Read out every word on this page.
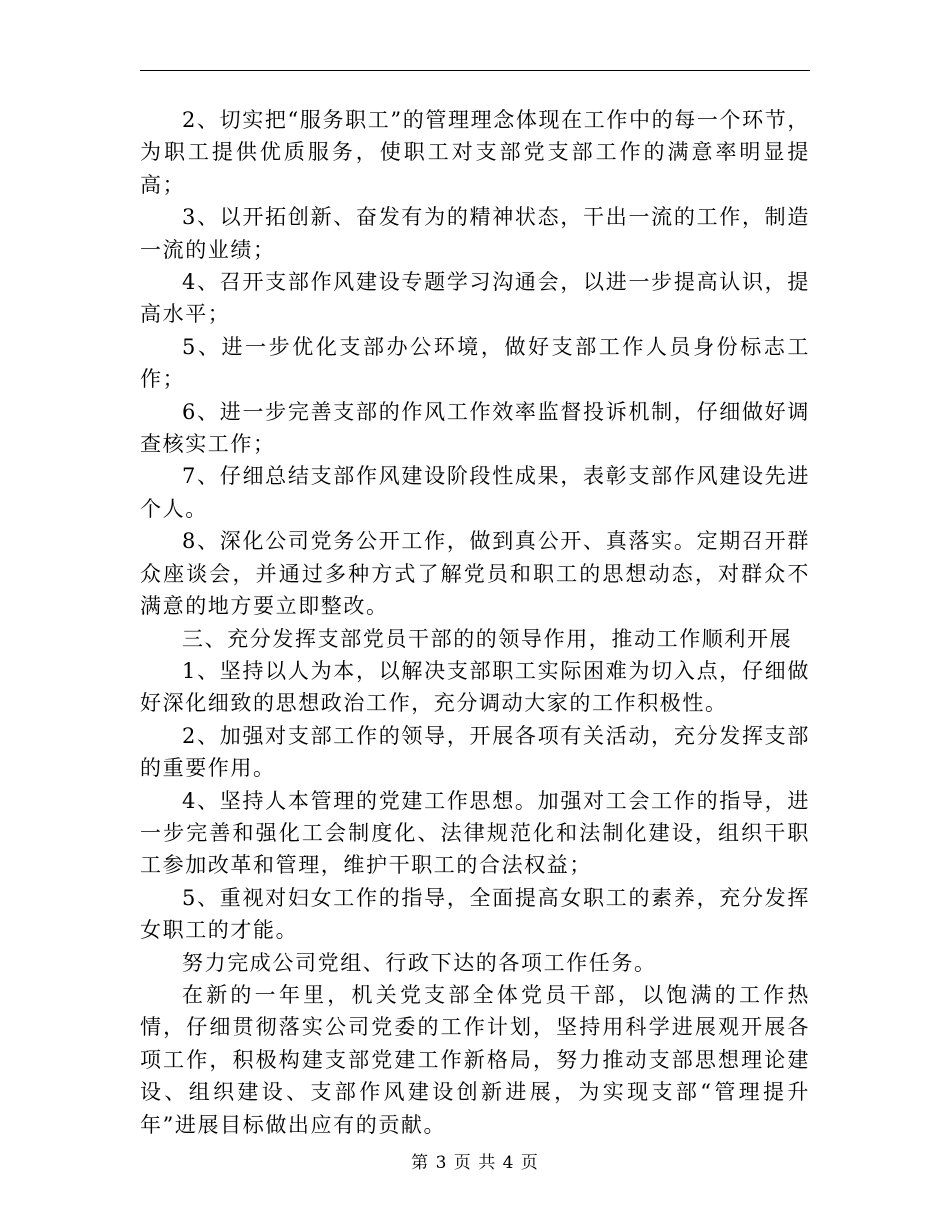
2、切实把“服务职工”的管理理念体现在工作中的每一个环节，为职工提供优质服务，使职工对支部党支部工作的满意率明显提高；

3、以开拓创新、奋发有为的精神状态，干出一流的工作，制造一流的业绩；

4、召开支部作风建设专题学习沟通会，以进一步提高认识，提高水平；

5、进一步优化支部办公环境，做好支部工作人员身份标志工作；

6、进一步完善支部的作风工作效率监督投诉机制，仔细做好调查核实工作；

7、仔细总结支部作风建设阶段性成果，表彰支部作风建设先进个人。

8、深化公司党务公开工作，做到真公开、真落实。定期召开群众座谈会，并通过多种方式了解党员和职工的思想动态，对群众不满意的地方要立即整改。

三、充分发挥支部党员干部的的领导作用，推动工作顺利开展

1、坚持以人为本，以解决支部职工实际困难为切入点，仔细做好深化细致的思想政治工作，充分调动大家的工作积极性。

2、加强对支部工作的领导，开展各项有关活动，充分发挥支部的重要作用。

4、坚持人本管理的党建工作思想。加强对工会工作的指导，进一步完善和强化工会制度化、法律规范化和法制化建设，组织干职工参加改革和管理，维护干职工的合法权益；

5、重视对妇女工作的指导，全面提高女职工的素养，充分发挥女职工的才能。

努力完成公司党组、行政下达的各项工作任务。

在新的一年里，机关党支部全体党员干部，以饱满的工作热情，仔细贯彻落实公司党委的工作计划，坚持用科学进展观开展各项工作，积极构建支部党建工作新格局，努力推动支部思想理论建设、组织建设、支部作风建设创新进展，为实现支部“管理提升年”进展目标做出应有的贡献。

第 3 页 共 4 页
